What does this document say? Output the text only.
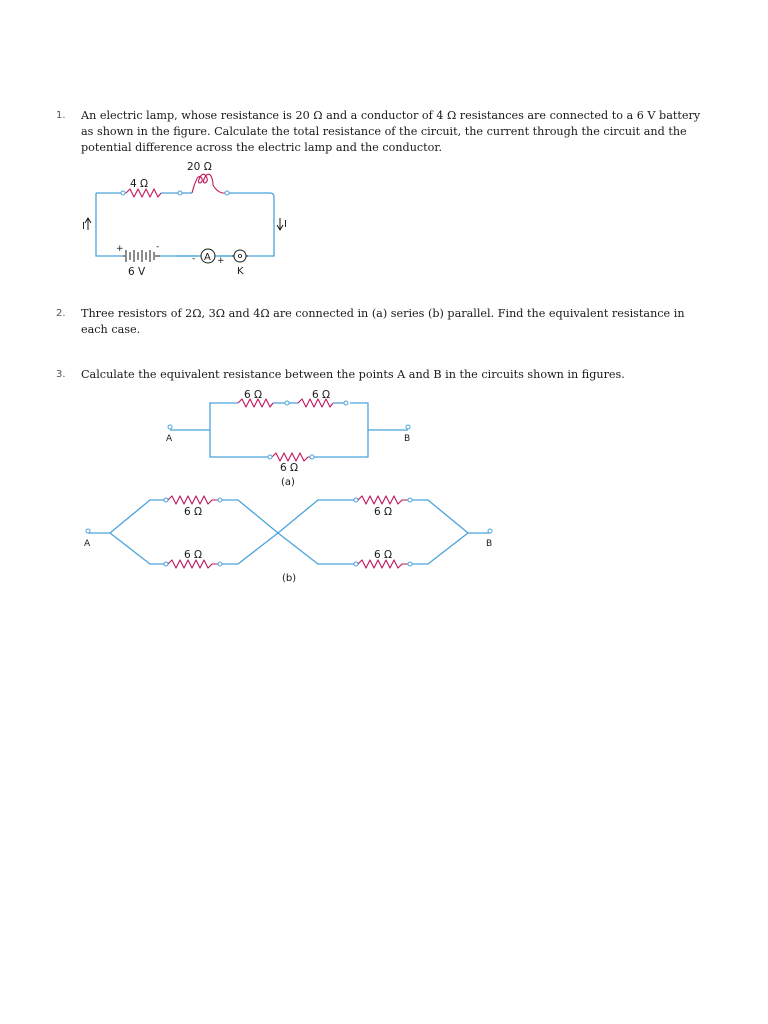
1. An electric lamp, whose resistance is 20 Ω and a conductor of 4 Ω resistances are connected to a 6 V battery as shown in the figure. Calculate the total resistance of the circuit, the current through the circuit and the potential difference across the electric lamp and the conductor.
I	I
4 Ω
20 Ω
+	-
6 V
A
- +
K
2. Three resistors of 2Ω, 3Ω and 4Ω are connected in (a) series (b) parallel. Find the equivalent resistance in each case.
3. Calculate the equivalent resistance between the points A and B in the circuits shown in figures.
A	B
6 Ω	6 Ω
6 Ω
(a)
A	B
6 Ω
6 Ω
6 Ω
6 Ω
(b)
